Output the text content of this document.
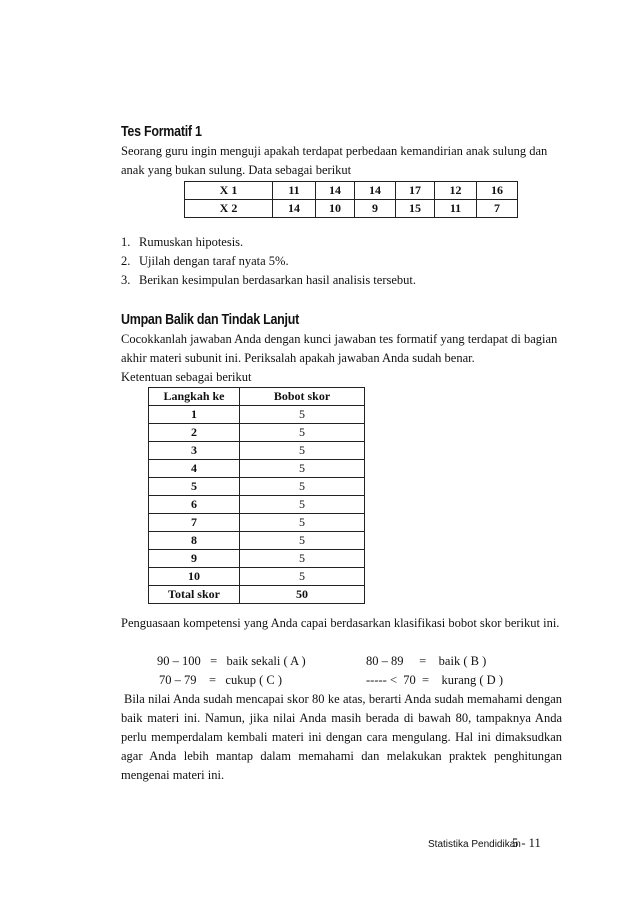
Tes Formatif 1
Seorang guru ingin menguji apakah terdapat perbedaan kemandirian anak sulung dan anak yang bukan sulung. Data sebagai berikut
X 1	11	14	14	17	12	16
X 2	14	10	9	15	11	7
1. Rumuskan hipotesis.
2. Ujilah dengan taraf nyata 5%.
3. Berikan kesimpulan berdasarkan hasil analisis tersebut.
Umpan Balik dan Tindak Lanjut
Cocokkanlah jawaban Anda dengan kunci jawaban tes formatif yang terdapat di bagian akhir materi subunit ini. Periksalah apakah jawaban Anda sudah benar.
Ketentuan sebagai berikut
Langkah ke	Bobot skor
1	5
2	5
3	5
4	5
5	5
6	5
7	5
8	5
9	5
10	5
Total skor	50
Penguasaan kompetensi yang Anda capai berdasarkan klasifikasi bobot skor berikut ini.
90 – 100   =   baik sekali ( A )	80 – 89     =    baik ( B )
70 – 79    =   cukup ( C )	----- <  70  =    kurang ( D )
Bila nilai Anda sudah mencapai skor 80 ke atas, berarti Anda sudah memahami dengan baik materi ini. Namun, jika nilai Anda masih berada di bawah 80, tampaknya Anda perlu memperdalam kembali materi ini dengan cara mengulang. Hal ini dimaksudkan agar Anda lebih mantap dalam memahami dan melakukan praktek penghitungan mengenai materi ini.
Statistika Pendidikan
5 - 11
